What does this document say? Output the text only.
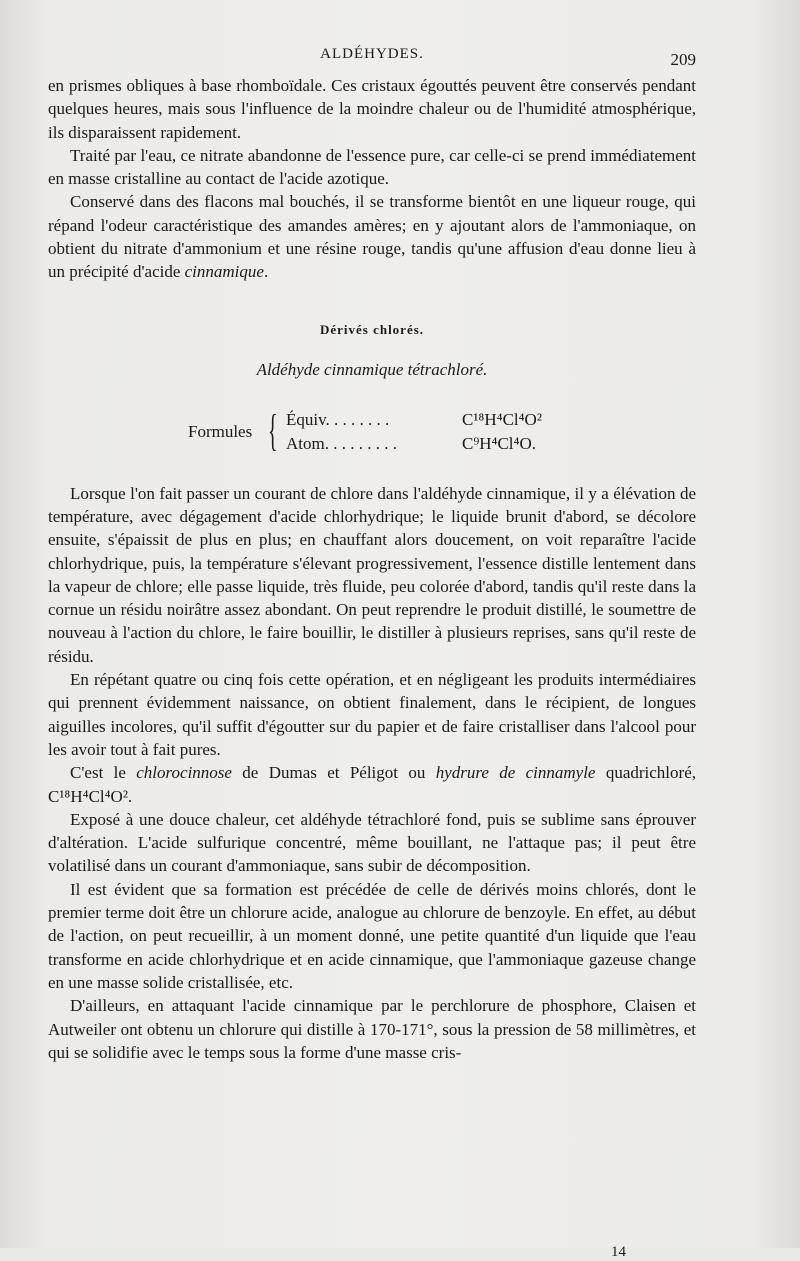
ALDÉHYDES.	209

en prismes obliques à base rhomboïdale. Ces cristaux égouttés peuvent être conservés pendant quelques heures, mais sous l'influence de la moindre chaleur ou de l'humidité atmosphérique, ils disparaissent rapidement.

Traité par l'eau, ce nitrate abandonne de l'essence pure, car celle-ci se prend immédiatement en masse cristalline au contact de l'acide azotique.

Conservé dans des flacons mal bouchés, il se transforme bientôt en une liqueur rouge, qui répand l'odeur caractéristique des amandes amères; en y ajoutant alors de l'ammoniaque, on obtient du nitrate d'ammonium et une résine rouge, tandis qu'une affusion d'eau donne lieu à un précipité d'acide cinnamique.

Dérivés chlorés.
Aldéhyde cinnamique tétrachloré.
Formules { Équiv. . . . . . . .	C¹⁸H⁴Cl⁴O²
Atom. . . . . . . . .	C⁹H⁴Cl⁴O.

Lorsque l'on fait passer un courant de chlore dans l'aldéhyde cinnamique, il y a élévation de température, avec dégagement d'acide chlorhydrique; le liquide brunit d'abord, se décolore ensuite, s'épaissit de plus en plus; en chauffant alors doucement, on voit reparaître l'acide chlorhydrique, puis, la température s'élevant progressivement, l'essence distille lentement dans la vapeur de chlore; elle passe liquide, très fluide, peu colorée d'abord, tandis qu'il reste dans la cornue un résidu noirâtre assez abondant. On peut reprendre le produit distillé, le soumettre de nouveau à l'action du chlore, le faire bouillir, le distiller à plusieurs reprises, sans qu'il reste de résidu.

En répétant quatre ou cinq fois cette opération, et en négligeant les produits intermédiaires qui prennent évidemment naissance, on obtient finalement, dans le récipient, de longues aiguilles incolores, qu'il suffit d'égoutter sur du papier et de faire cristalliser dans l'alcool pour les avoir tout à fait pures.

C'est le chlorocinnose de Dumas et Péligot ou hydrure de cinnamyle quadrichloré, C¹⁸H⁴Cl⁴O².

Exposé à une douce chaleur, cet aldéhyde tétrachloré fond, puis se sublime sans éprouver d'altération. L'acide sulfurique concentré, même bouillant, ne l'attaque pas; il peut être volatilisé dans un courant d'ammoniaque, sans subir de décomposition.

Il est évident que sa formation est précédée de celle de dérivés moins chlorés, dont le premier terme doit être un chlorure acide, analogue au chlorure de benzoyle. En effet, au début de l'action, on peut recueillir, à un moment donné, une petite quantité d'un liquide que l'eau transforme en acide chlorhydrique et en acide cinnamique, que l'ammoniaque gazeuse change en une masse solide cristallisée, etc.

D'ailleurs, en attaquant l'acide cinnamique par le perchlorure de phosphore, Claisen et Autweiler ont obtenu un chlorure qui distille à 170-171°, sous la pression de 58 millimètres, et qui se solidifie avec le temps sous la forme d'une masse cris-

14
